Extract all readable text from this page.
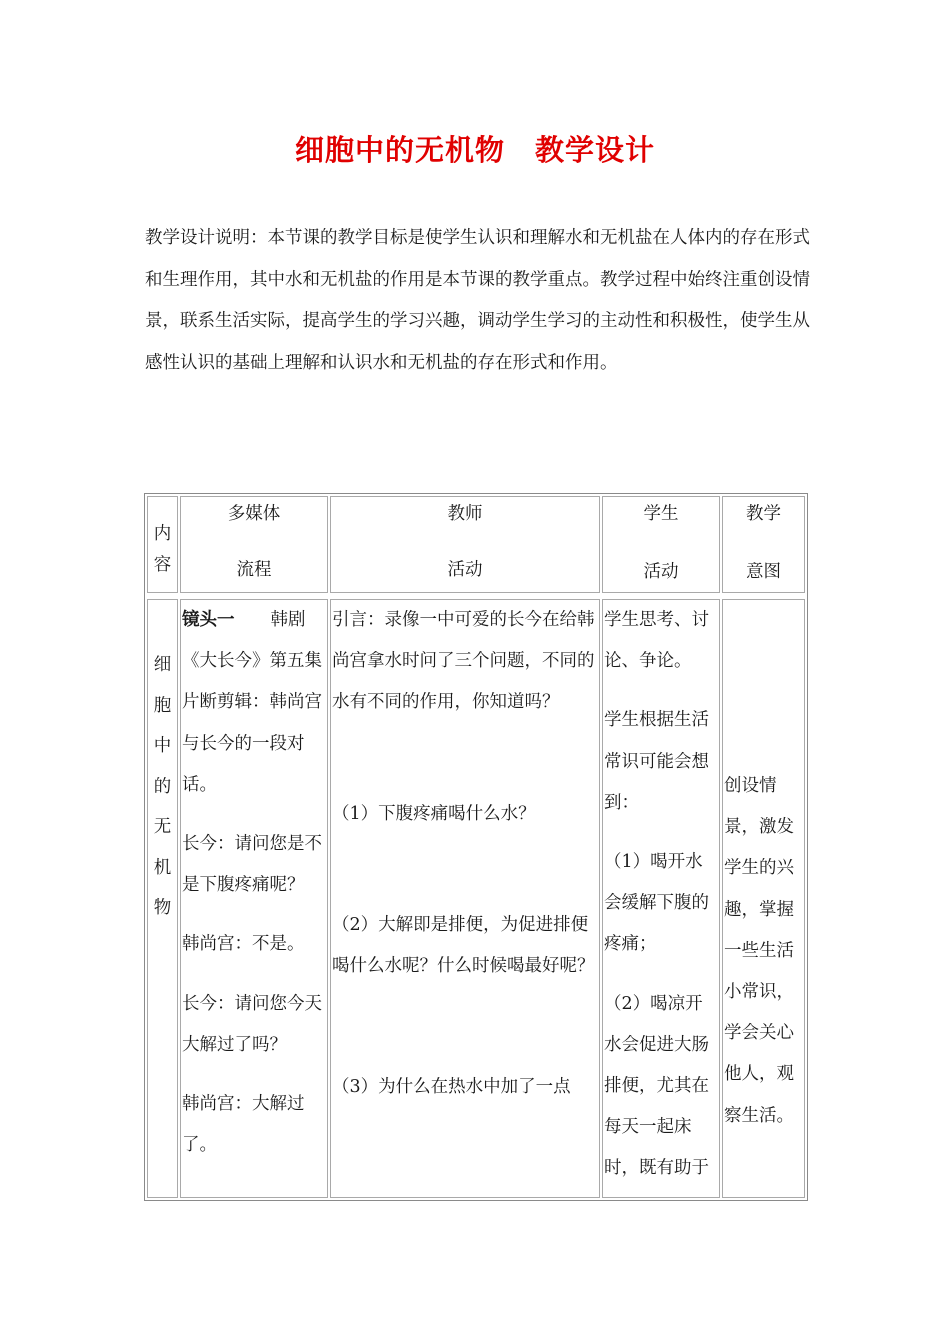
细胞中的无机物　教学设计
教学设计说明：本节课的教学目标是使学生认识和理解水和无机盐在人体内的存在形式和生理作用，其中水和无机盐的作用是本节课的教学重点。教学过程中始终注重创设情景，联系生活实际，提高学生的学习兴趣，调动学生学习的主动性和积极性，使学生从感性认识的基础上理解和认识水和无机盐的存在形式和作用。
内容
多媒体
流程
教师
活动
学生
活动
教学
意图
细胞中的无机物

镜头一 韩剧《大长今》第五集片断剪辑：韩尚宫与长今的一段对话。

长今：请问您是不是下腹疼痛呢？

韩尚宫：不是。

长今：请问您今天大解过了吗？

韩尚宫：大解过了。

引言：录像一中可爱的长今在给韩尚宫拿水时问了三个问题，不同的水有不同的作用，你知道吗？

（1）下腹疼痛喝什么水？

（2）大解即是排便，为促进排便喝什么水呢？什么时候喝最好呢？

（3）为什么在热水中加了一点

学生思考、讨论、争论。

学生根据生活常识可能会想到：

（1）喝开水会缓解下腹的疼痛；

（2）喝凉开水会促进大肠排便，尤其在每天一起床时，既有助于

创设情景，激发学生的兴趣，掌握一些生活小常识，学会关心他人，观察生活。
